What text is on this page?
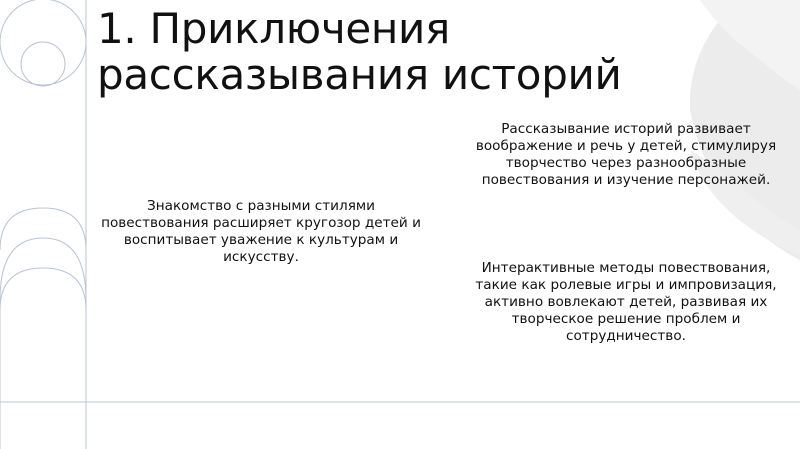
1. Приключения рассказывания историй
Знакомство с разными стилями повествования расширяет кругозор детей и воспитывает уважение к культурам и искусству.
Рассказывание историй развивает воображение и речь у детей, стимулируя творчество через разнообразные повествования и изучение персонажей.
Интерактивные методы повествования, такие как ролевые игры и импровизация, активно вовлекают детей, развивая их творческое решение проблем и сотрудничество.
